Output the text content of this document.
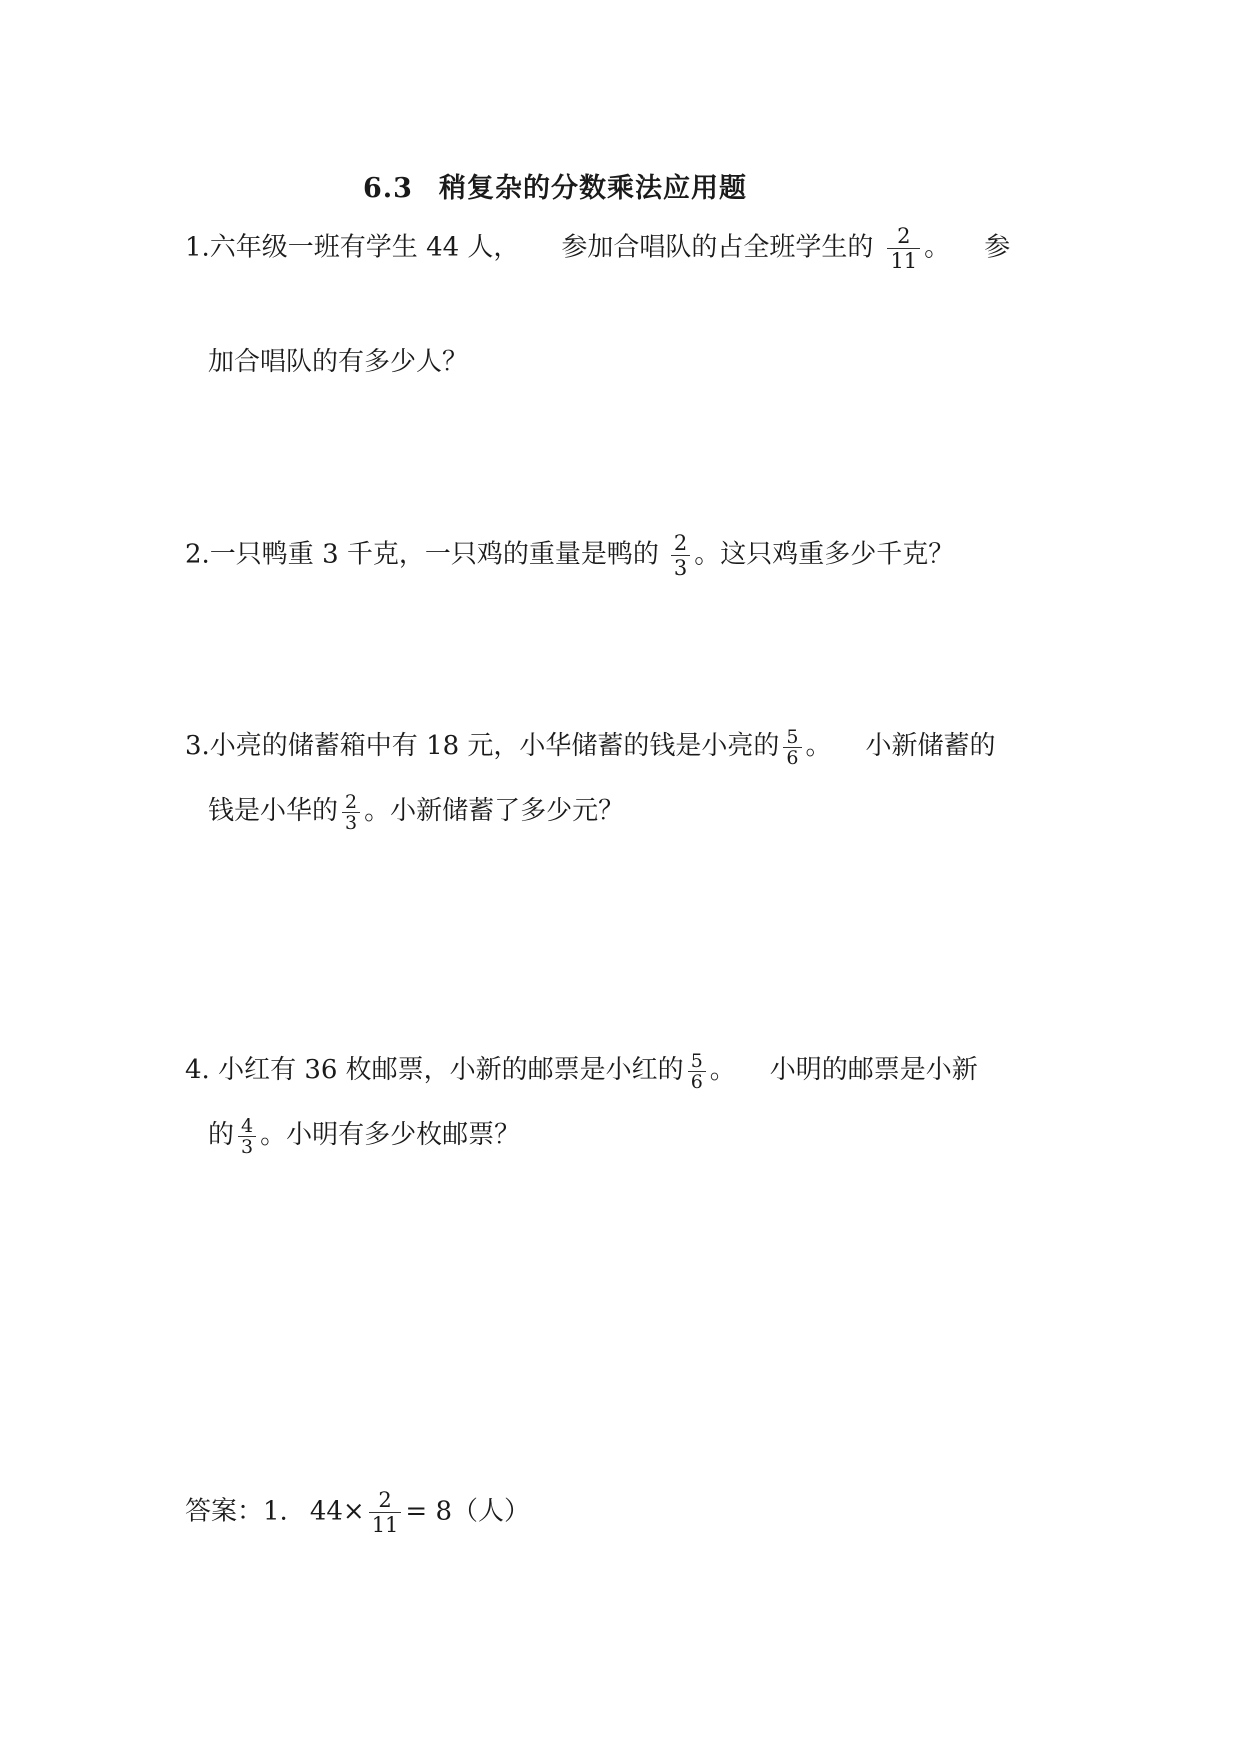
6.3 稍复杂的分数乘法应用题
1.六年级一班有学生 44 人， 参加合唱队的占全班学生的 $\frac{2}{11}$ 。 参
加合唱队的有多少人？
2.一只鸭重 3 千克，一只鸡的重量是鸭的 $\frac{2}{3}$ 。这只鸡重多少千克？
3.小亮的储蓄箱中有 18 元，小华储蓄的钱是小亮的 $\frac{5}{6}$ 。 小新储蓄的
钱是小华的 $\frac{2}{3}$ 。小新储蓄了多少元？
4. 小红有 36 枚邮票，小新的邮票是小红的 $\frac{5}{6}$ 。 小明的邮票是小新
的 $\frac{4}{3}$ 。小明有多少枚邮票？
答案：1. $44\times \frac{2}{11} = 8$（人）
